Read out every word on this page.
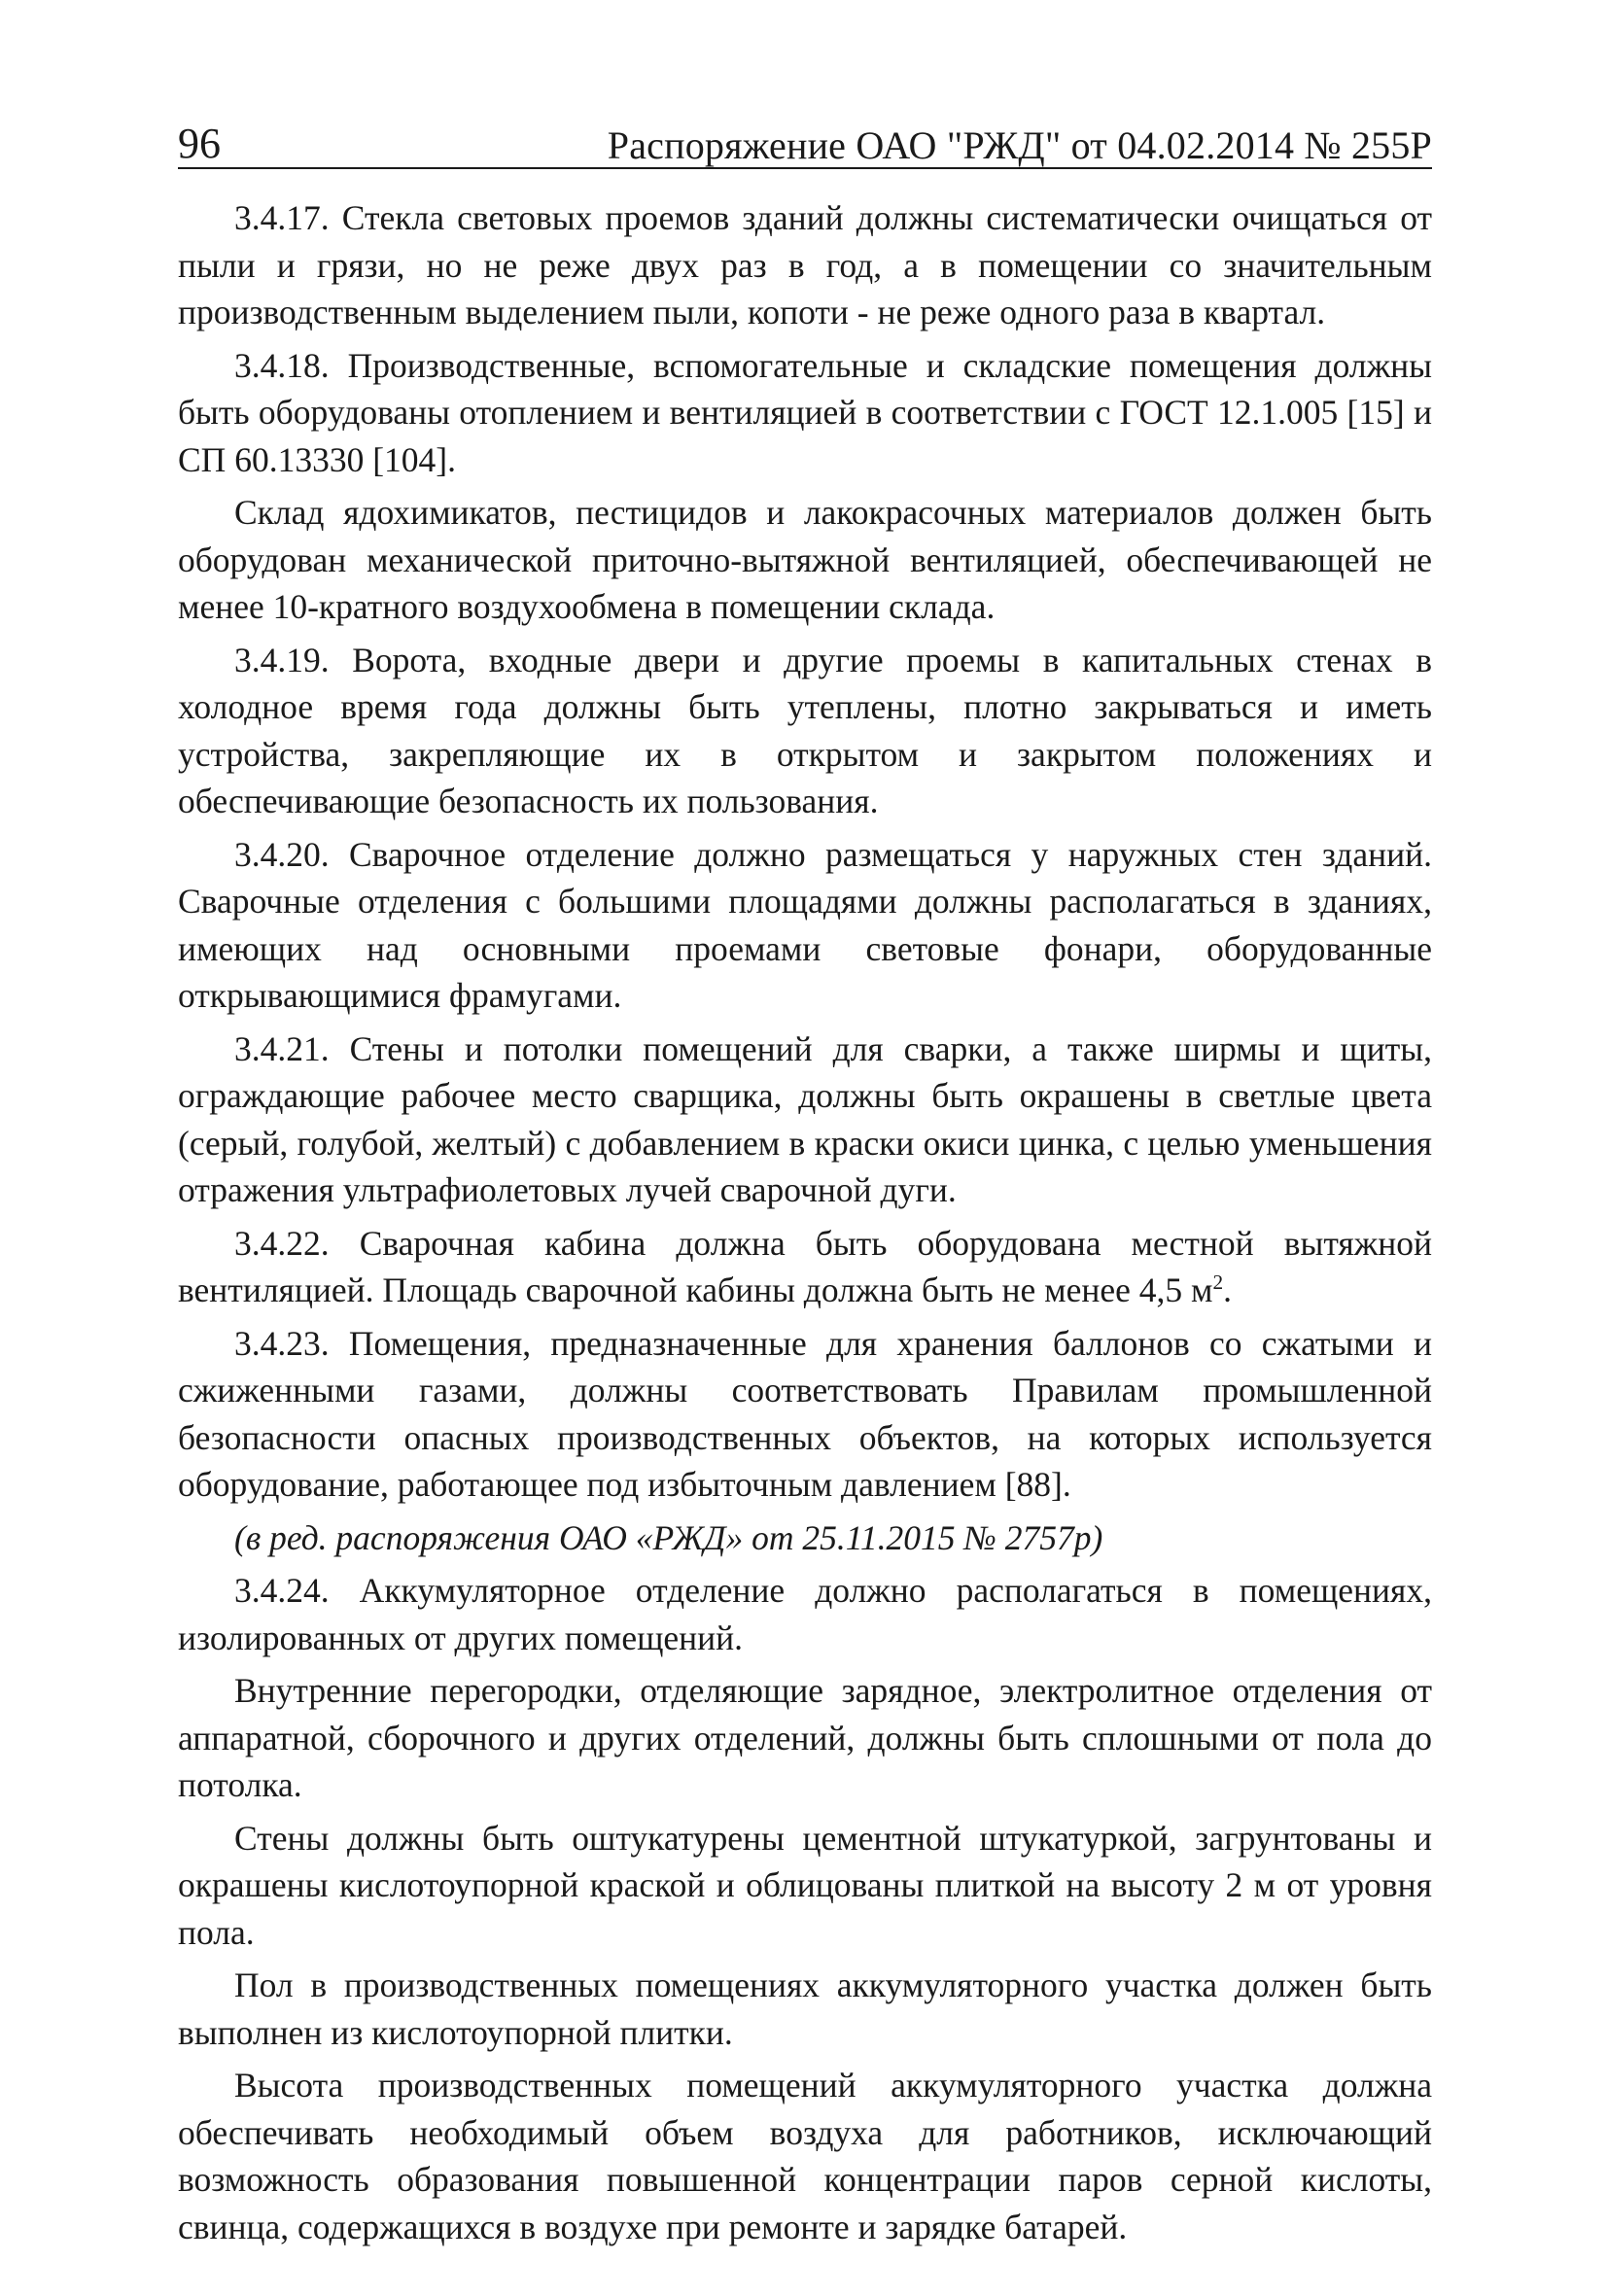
96	Распоряжение ОАО "РЖД" от 04.02.2014 № 255Р

3.4.17. Стекла световых проемов зданий должны систематически очищаться от пыли и грязи, но не реже двух раз в год, а в помещении со значительным производственным выделением пыли, копоти - не реже одного раза в квартал.

3.4.18. Производственные, вспомогательные и складские помещения должны быть оборудованы отоплением и вентиляцией в соответствии с ГОСТ 12.1.005 [15] и СП 60.13330 [104].

Склад ядохимикатов, пестицидов и лакокрасочных материалов должен быть оборудован механической приточно-вытяжной вентиляцией, обеспечивающей не менее 10-кратного воздухообмена в помещении склада.

3.4.19. Ворота, входные двери и другие проемы в капитальных стенах в холодное время года должны быть утеплены, плотно закрываться и иметь устройства, закрепляющие их в открытом и закрытом положениях и обеспечивающие безопасность их пользования.

3.4.20. Сварочное отделение должно размещаться у наружных стен зданий. Сварочные отделения с большими площадями должны располагаться в зданиях, имеющих над основными проемами световые фонари, оборудованные открывающимися фрамугами.

3.4.21. Стены и потолки помещений для сварки, а также ширмы и щиты, ограждающие рабочее место сварщика, должны быть окрашены в светлые цвета (серый, голубой, желтый) с добавлением в краски окиси цинка, с целью уменьшения отражения ультрафиолетовых лучей сварочной дуги.

3.4.22. Сварочная кабина должна быть оборудована местной вытяжной вентиляцией. Площадь сварочной кабины должна быть не менее 4,5 $м^2$.

3.4.23. Помещения, предназначенные для хранения баллонов со сжатыми и сжиженными газами, должны соответствовать Правилам промышленной безопасности опасных производственных объектов, на которых используется оборудование, работающее под избыточным давлением [88].

(в ред. распоряжения ОАО «РЖД» от 25.11.2015 № 2757р)

3.4.24. Аккумуляторное отделение должно располагаться в помещениях, изолированных от других помещений.

Внутренние перегородки, отделяющие зарядное, электролитное отделения от аппаратной, сборочного и других отделений, должны быть сплошными от пола до потолка.

Стены должны быть оштукатурены цементной штукатуркой, загрунтованы и окрашены кислотоупорной краской и облицованы плиткой на высоту 2 м от уровня пола.

Пол в производственных помещениях аккумуляторного участка должен быть выполнен из кислотоупорной плитки.

Высота производственных помещений аккумуляторного участка должна обеспечивать необходимый объем воздуха для работников, исключающий возможность образования повышенной концентрации паров серной кислоты, свинца, содержащихся в воздухе при ремонте и зарядке батарей.
